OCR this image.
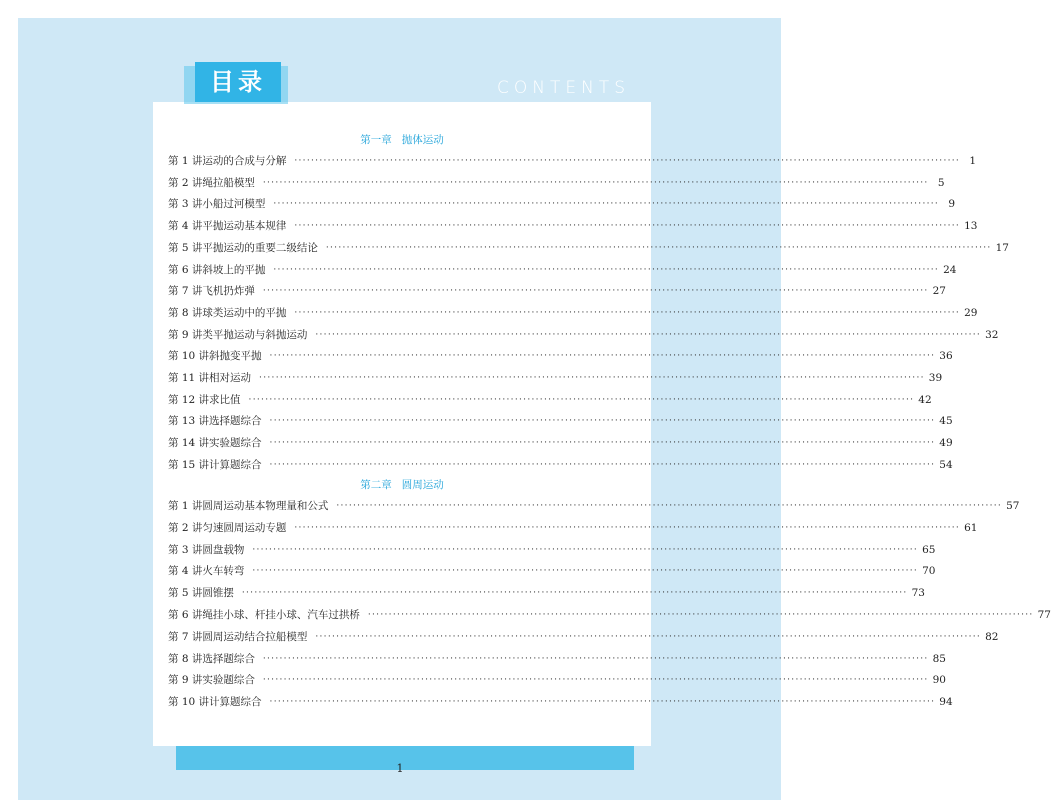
目录	CONTENTS
第一章 抛体运动
第 1 讲 运动的合成与分解 ································································································································································ 1
第 2 讲 绳拉船模型 ································································································································································ 5
第 3 讲 小船过河模型 ································································································································································ 9
第 4 讲 平抛运动基本规律 ································································································································································ 13
第 5 讲 平抛运动的重要二级结论 ································································································································································ 17
第 6 讲 斜坡上的平抛 ································································································································································ 24
第 7 讲 飞机扔炸弹 ································································································································································ 27
第 8 讲 球类运动中的平抛 ································································································································································ 29
第 9 讲 类平抛运动与斜抛运动 ································································································································································ 32
第 10 讲 斜抛变平抛 ································································································································································ 36
第 11 讲 相对运动 ································································································································································ 39
第 12 讲 求比值 ································································································································································ 42
第 13 讲 选择题综合 ································································································································································ 45
第 14 讲 实验题综合 ································································································································································ 49
第 15 讲 计算题综合 ································································································································································ 54
第二章 圆周运动
第 1 讲 圆周运动基本物理量和公式 ································································································································································ 57
第 2 讲 匀速圆周运动专题 ································································································································································ 61
第 3 讲 圆盘载物 ································································································································································ 65
第 4 讲 火车转弯 ································································································································································ 70
第 5 讲 圆锥摆 ································································································································································ 73
第 6 讲 绳挂小球、杆挂小球、汽车过拱桥 ································································································································································ 77
第 7 讲 圆周运动结合拉船模型 ································································································································································ 82
第 8 讲 选择题综合 ································································································································································ 85
第 9 讲 实验题综合 ································································································································································ 90
第 10 讲 计算题综合 ································································································································································ 94
1
